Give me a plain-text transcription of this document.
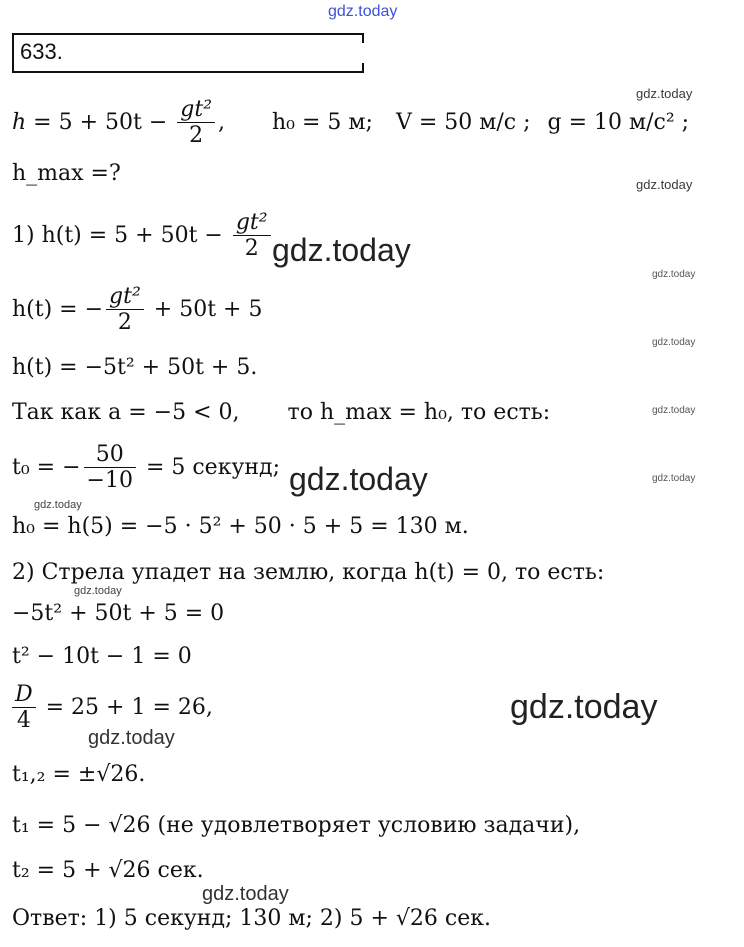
gdz.today
gdz.today
gdz.today
gdz.today
gdz.today
gdz.today
gdz.today
gdz.today
gdz.today
gdz.today
gdz.today
gdz.today
gdz.today
gdz.today
633.
$h = 5 + 50t - \frac{\text{gt²}}{2}$ , h₀ = 5 м; V = 50 м/с ; g = 10 м/с² ;
h_max =?
1) $h(t) = 5 + 50t - \frac{\text{gt²}}{2}$
h(t) = − $\frac{\text{gt²}}{2} + 50t + 5$
h(t) = −5t² + 50t + 5.
Так как a = −5 < 0, то h_max = h₀, то есть:
t₀ = − $\frac{50}{-10} = 5$ секунд;
h₀ = h(5) = −5 · 5² + 50 · 5 + 5 = 130 м.
2) Стрела упадет на землю, когда h(t) = 0, то есть:
−5t² + 50t + 5 = 0
t² − 10t − 1 = 0
$\frac{D}{4} = 25 + 1 = 26$,
t₁,₂ = ±√26.
t₁ = 5 − √26 (не удовлетворяет условию задачи),
t₂ = 5 + √26 сек.
Ответ: 1) 5 секунд; 130 м; 2) 5 + √26 сек.
